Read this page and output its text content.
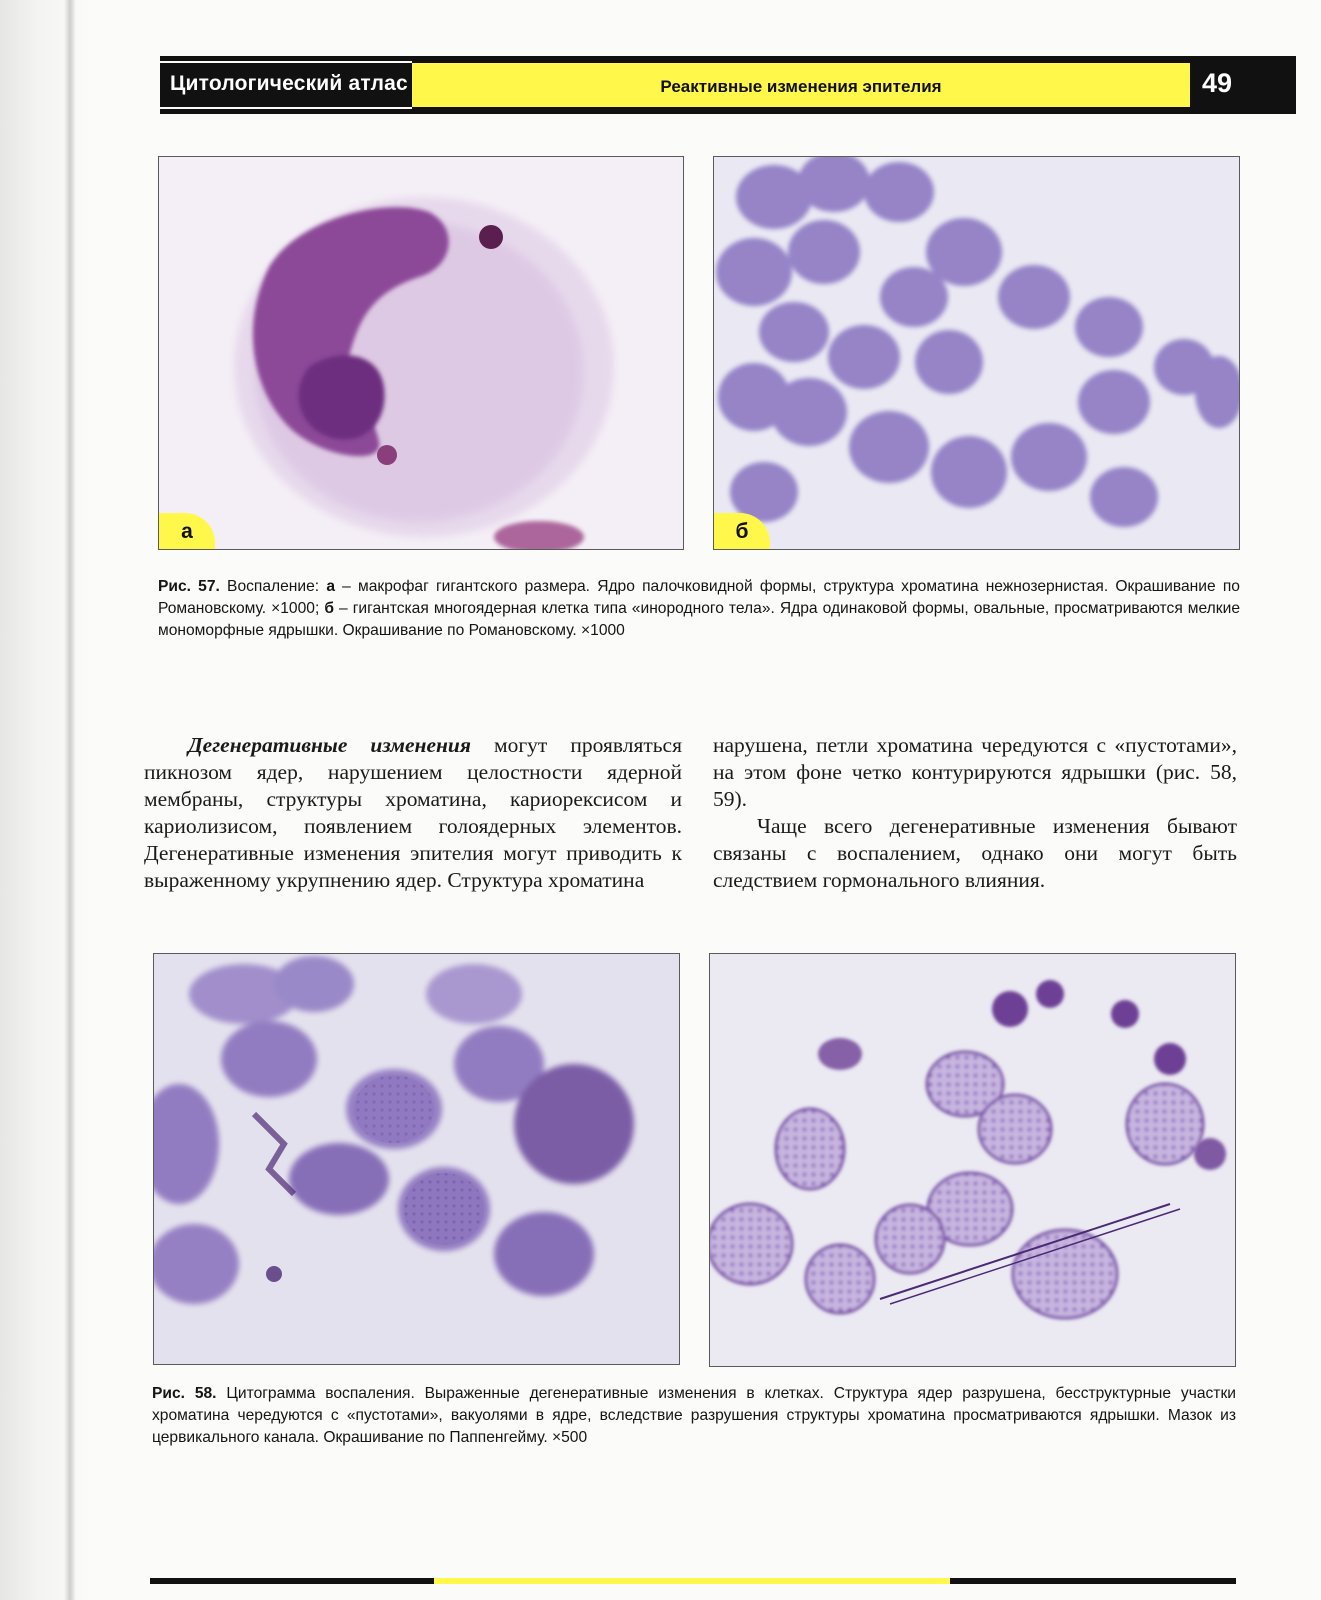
Цитологический атлас	Реактивные изменения эпителия	49
а	б

Рис. 57. Воспаление: а – макрофаг гигантского размера. Ядро палочковидной формы, структура хроматина нежнозернистая. Окрашивание по Романовскому. ×1000; б – гигантская многоядерная клетка типа «инородного тела». Ядра одинаковой формы, овальные, просматриваются мелкие мономорфные ядрышки. Окрашивание по Романовскому. ×1000

Дегенеративные изменения могут проявляться пикнозом ядер, нарушением целостности ядерной мембраны, структуры хроматина, кариорексисом и кариолизисом, появлением голоядерных элементов. Дегенеративные изменения эпителия могут приводить к выраженному укрупнению ядер. Структура хроматина

нарушена, петли хроматина чередуются с «пустотами», на этом фоне четко контурируются ядрышки (рис. 58, 59).

Чаще всего дегенеративные изменения бывают связаны с воспалением, однако они могут быть следствием гормонального влияния.

Рис. 58. Цитограмма воспаления. Выраженные дегенеративные изменения в клетках. Структура ядер разрушена, бесструктурные участки хроматина чередуются с «пустотами», вакуолями в ядре, вследствие разрушения структуры хроматина просматриваются ядрышки. Мазок из цервикального канала. Окрашивание по Паппенгейму. ×500
